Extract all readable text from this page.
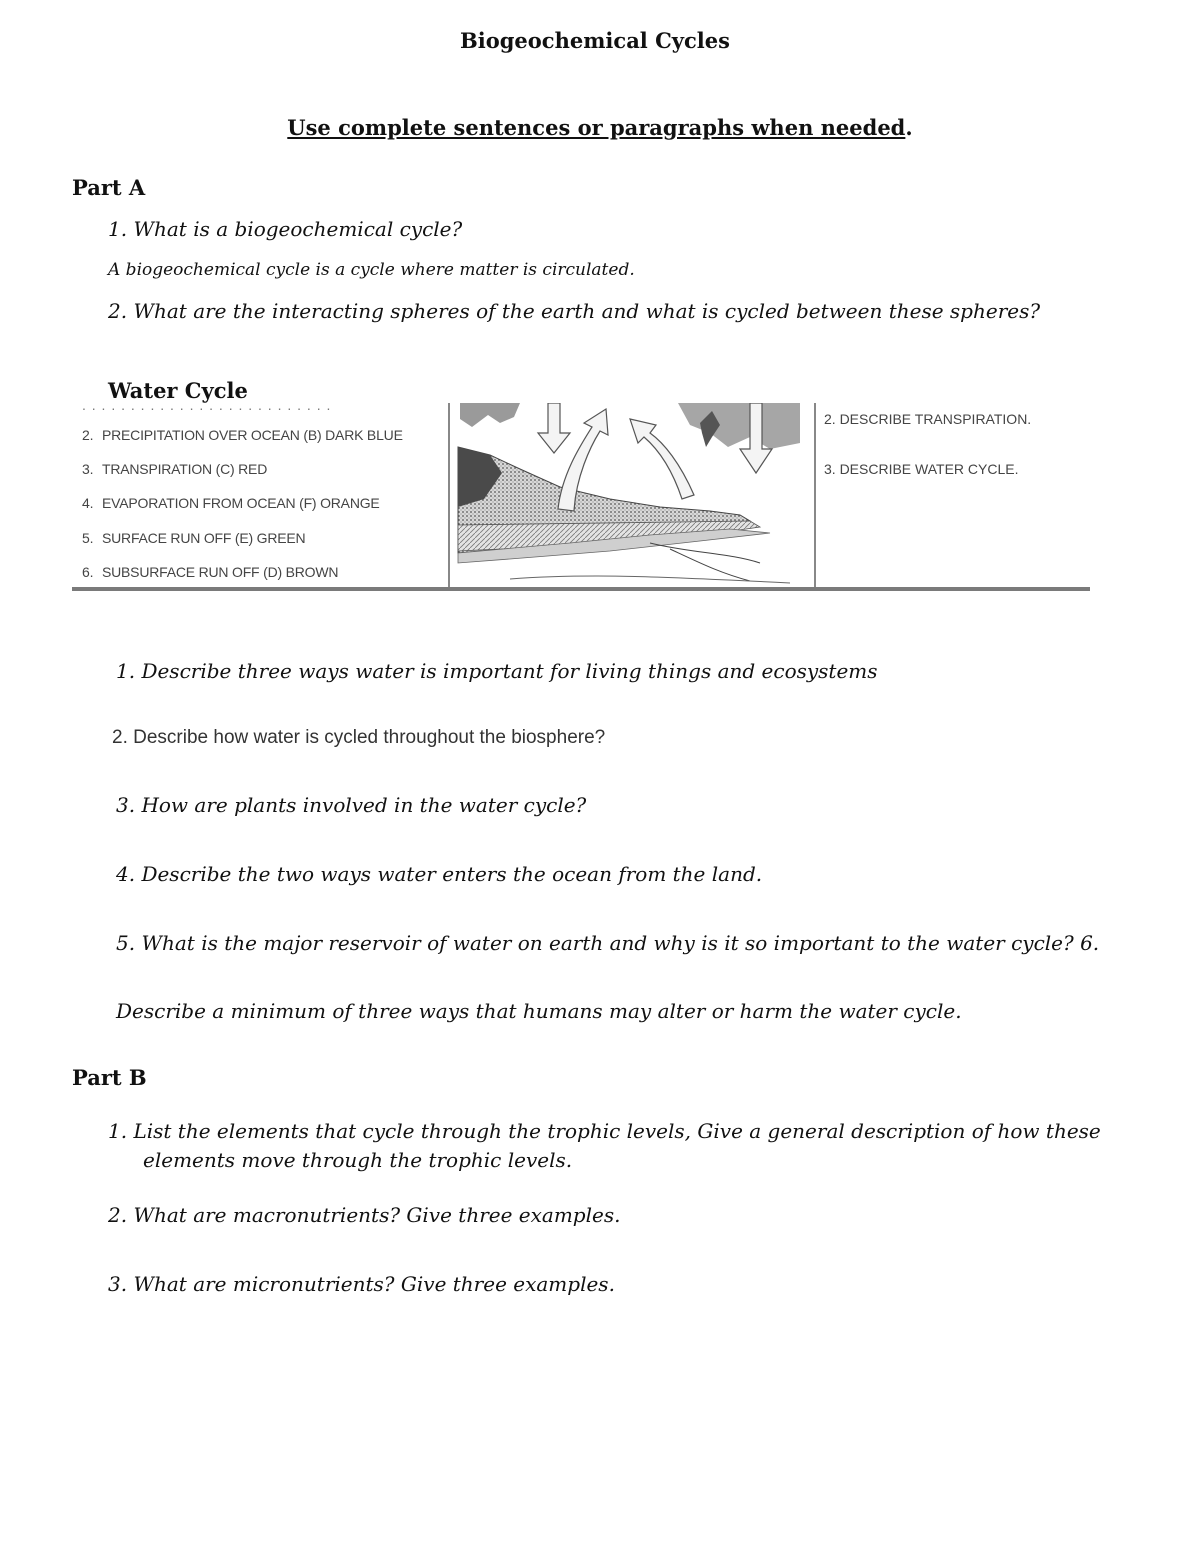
Biogeochemical Cycles
Use complete sentences or paragraphs when needed.
Part A
1. What is a biogeochemical cycle?
A biogeochemical cycle is a cycle where matter is circulated.
2. What are the interacting spheres of the earth and what is cycled between these spheres?
Water Cycle
. . . . . . . . . . . . . . . . . . . . . . . . . .
2. PRECIPITATION OVER OCEAN (B) DARK BLUE
3. TRANSPIRATION (C) RED
4. EVAPORATION FROM OCEAN (F) ORANGE
5. SURFACE RUN OFF (E) GREEN
6. SUBSURFACE RUN OFF (D) BROWN
2. DESCRIBE TRANSPIRATION.
3. DESCRIBE WATER CYCLE.
1. Describe three ways water is important for living things and ecosystems
2. Describe how water is cycled throughout the biosphere?
3. How are plants involved in the water cycle?
4. Describe the two ways water enters the ocean from the land.
5. What is the major reservoir of water on earth and why is it so important to the water cycle? 6.
Describe a minimum of three ways that humans may alter or harm the water cycle.
Part B
1. List the elements that cycle through the trophic levels, Give a general description of how these
elements move through the trophic levels.
2. What are macronutrients? Give three examples.
3. What are micronutrients? Give three examples.
